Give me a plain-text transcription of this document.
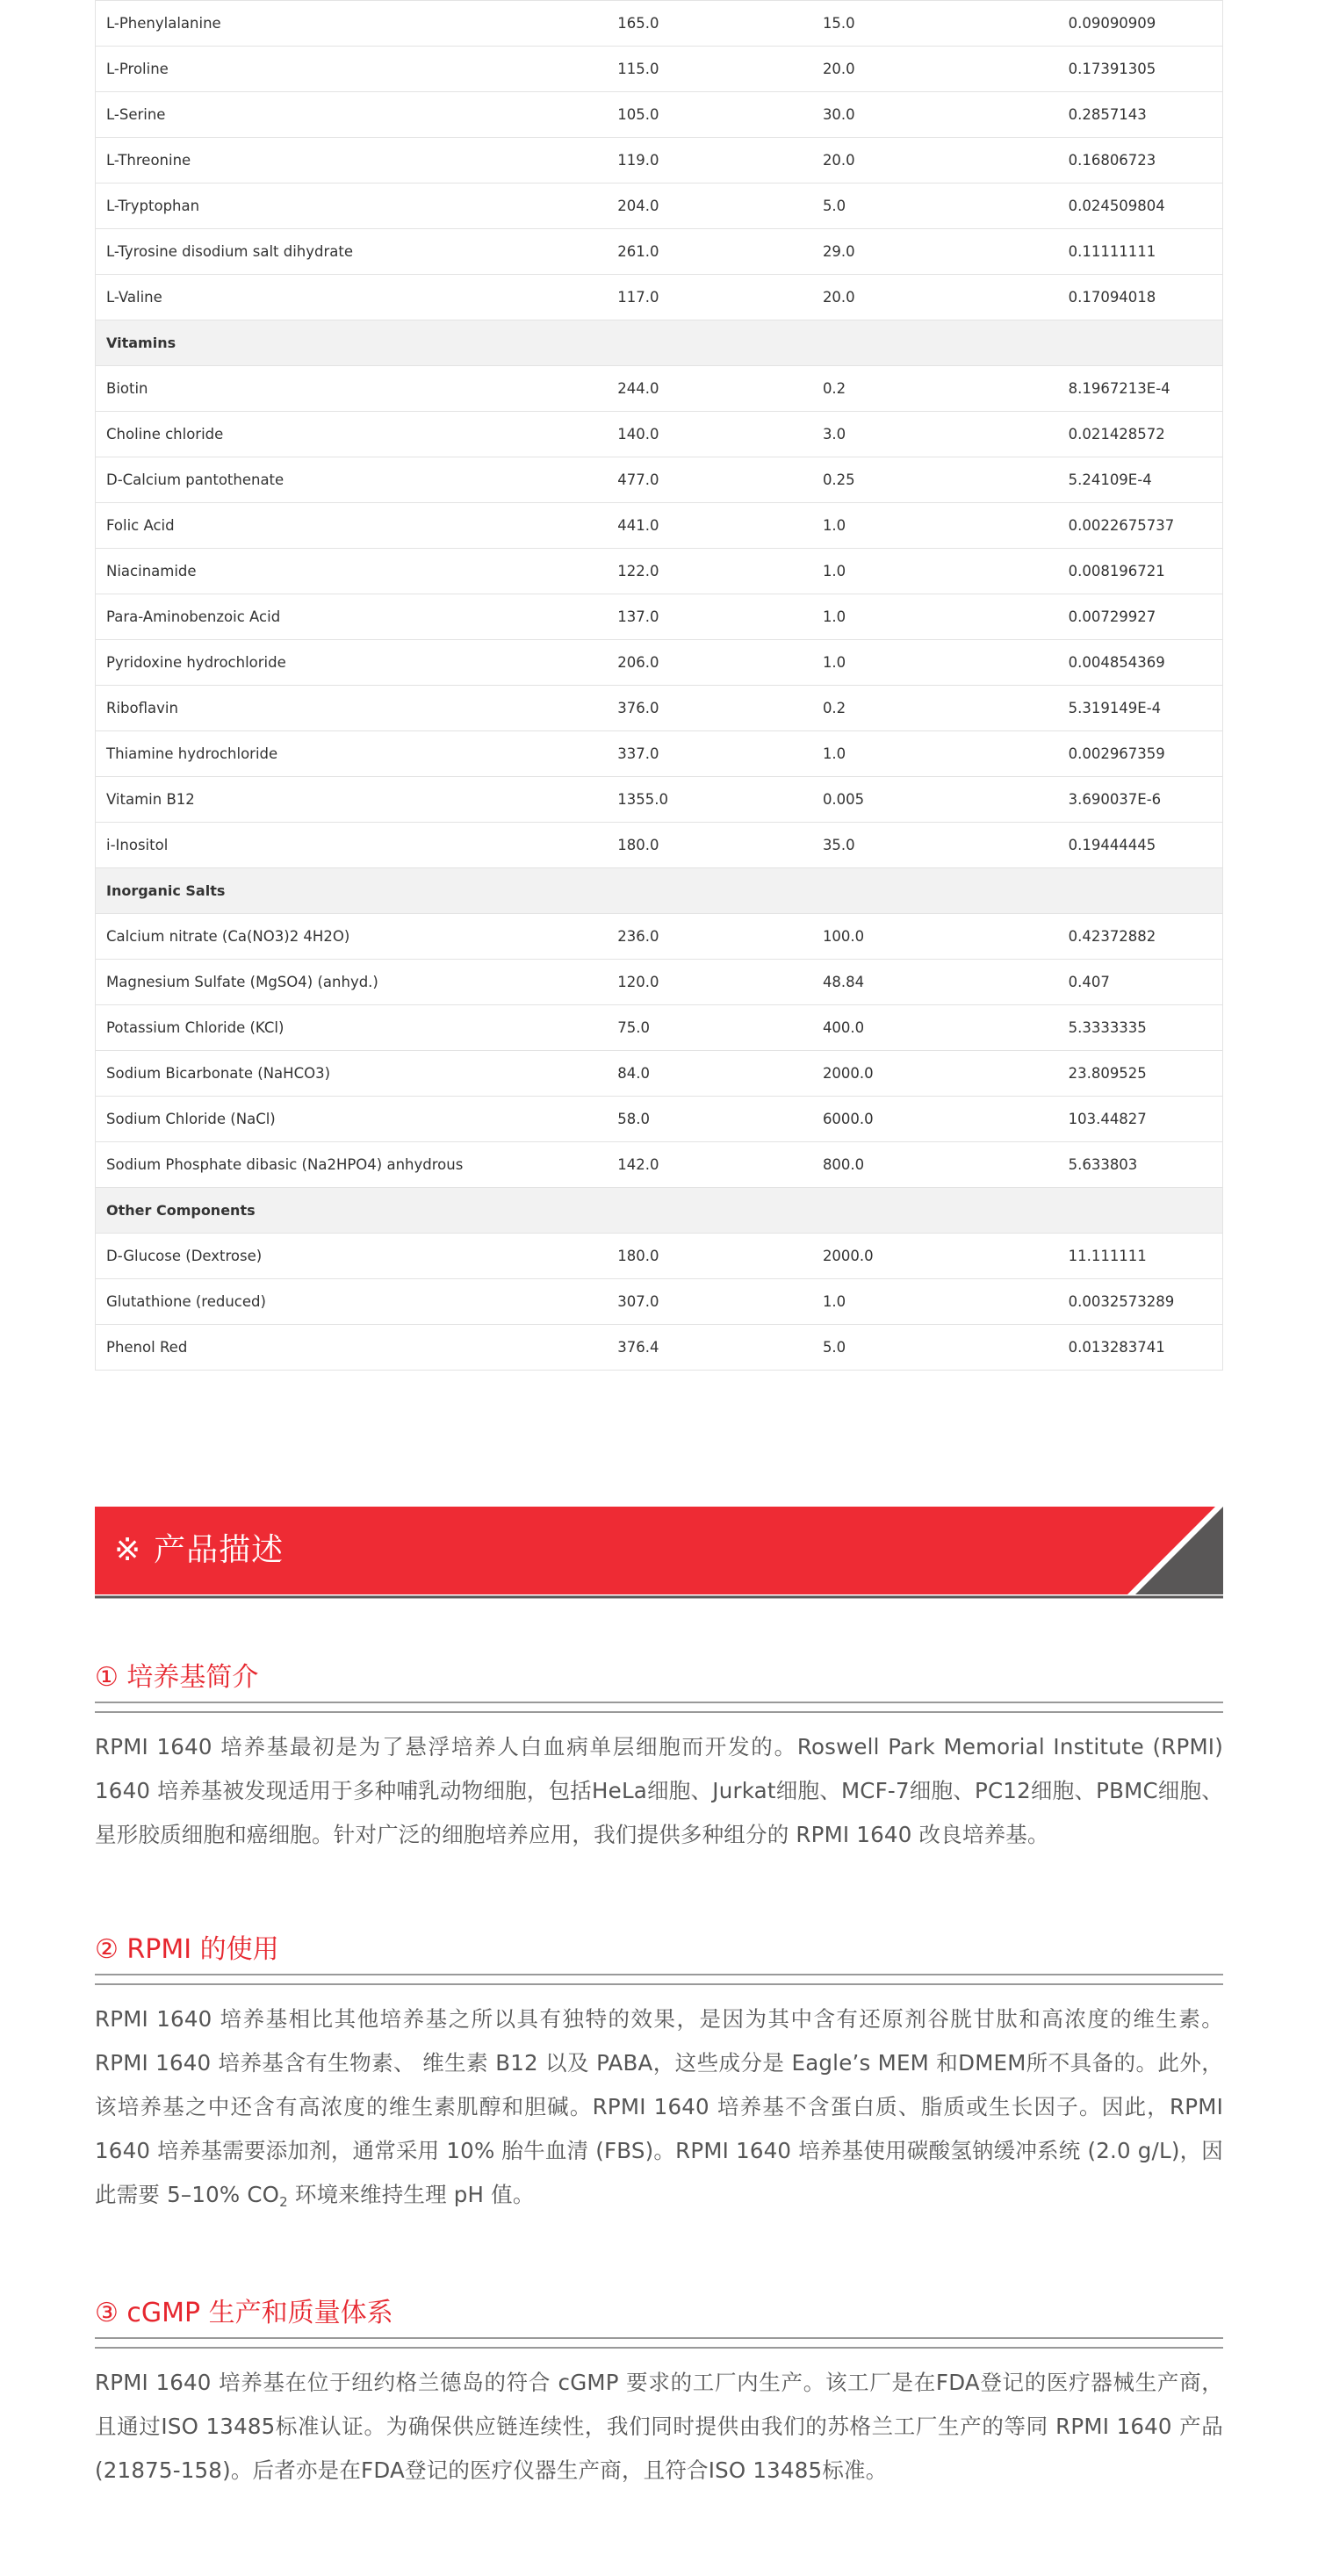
L-Phenylalanine	165.0	15.0	0.09090909
L-Proline	115.0	20.0	0.17391305
L-Serine	105.0	30.0	0.2857143
L-Threonine	119.0	20.0	0.16806723
L-Tryptophan	204.0	5.0	0.024509804
L-Tyrosine disodium salt dihydrate	261.0	29.0	0.11111111
L-Valine	117.0	20.0	0.17094018
Vitamins			
Biotin	244.0	0.2	8.1967213E-4
Choline chloride	140.0	3.0	0.021428572
D-Calcium pantothenate	477.0	0.25	5.24109E-4
Folic Acid	441.0	1.0	0.0022675737
Niacinamide	122.0	1.0	0.008196721
Para-Aminobenzoic Acid	137.0	1.0	0.00729927
Pyridoxine hydrochloride	206.0	1.0	0.004854369
Riboflavin	376.0	0.2	5.319149E-4
Thiamine hydrochloride	337.0	1.0	0.002967359
Vitamin B12	1355.0	0.005	3.690037E-6
i-Inositol	180.0	35.0	0.19444445
Inorganic Salts			
Calcium nitrate (Ca(NO3)2 4H2O)	236.0	100.0	0.42372882
Magnesium Sulfate (MgSO4) (anhyd.)	120.0	48.84	0.407
Potassium Chloride (KCl)	75.0	400.0	5.3333335
Sodium Bicarbonate (NaHCO3)	84.0	2000.0	23.809525
Sodium Chloride (NaCl)	58.0	6000.0	103.44827
Sodium Phosphate dibasic (Na2HPO4) anhydrous	142.0	800.0	5.633803
Other Components			
D-Glucose (Dextrose)	180.0	2000.0	11.111111
Glutathione (reduced)	307.0	1.0	0.0032573289
Phenol Red	376.4	5.0	0.013283741
※ 产品描述
① 培养基简介

RPMI 1640 培养基最初是为了悬浮培养人白血病单层细胞而开发的。Roswell Park Memorial Institute (RPMI) 1640 培养基被发现适用于多种哺乳动物细胞，包括HeLa细胞、Jurkat细胞、MCF-7细胞、PC12细胞、PBMC细胞、星形胶质细胞和癌细胞。针对广泛的细胞培养应用，我们提供多种组分的 RPMI 1640 改良培养基。

② RPMI 的使用

RPMI 1640 培养基相比其他培养基之所以具有独特的效果，是因为其中含有还原剂谷胱甘肽和高浓度的维生素。RPMI 1640 培养基含有生物素、 维生素 B12 以及 PABA，这些成分是 Eagle’s MEM 和DMEM所不具备的。此外，该培养基之中还含有高浓度的维生素肌醇和胆碱。RPMI 1640 培养基不含蛋白质、脂质或生长因子。因此，RPMI 1640 培养基需要添加剂，通常采用 10% 胎牛血清 (FBS)。RPMI 1640 培养基使用碳酸氢钠缓冲系统 (2.0 g/L)，因此需要 5–10% $CO_2$ 环境来维持生理 pH 值。

③ cGMP 生产和质量体系

RPMI 1640 培养基在位于纽约格兰德岛的符合 cGMP 要求的工厂内生产。该工厂是在FDA登记的医疗器械生产商，且通过ISO 13485标准认证。为确保供应链连续性，我们同时提供由我们的苏格兰工厂生产的等同 RPMI 1640 产品 (21875-158)。后者亦是在FDA登记的医疗仪器生产商，且符合ISO 13485标准。
